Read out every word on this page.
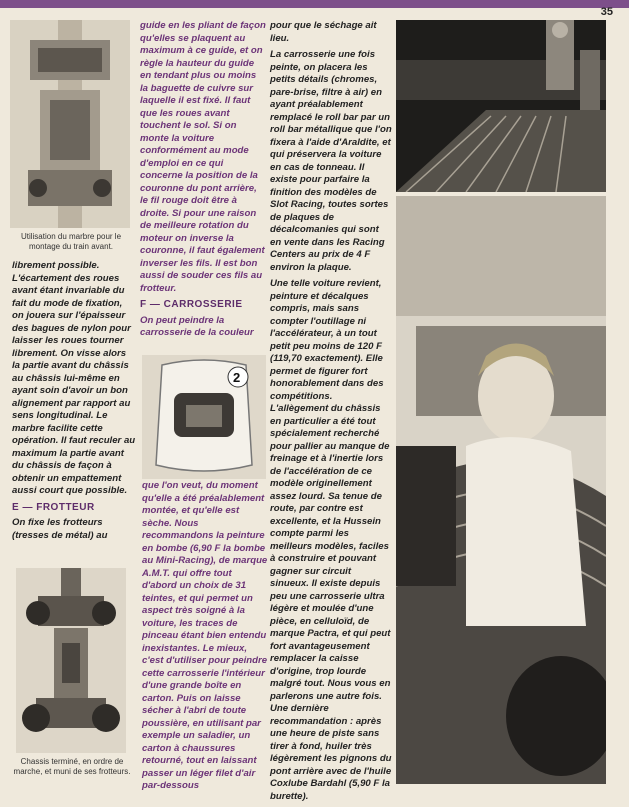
35
Utilisation du marbre pour le montage du train avant.

librement possible. L'écartement des roues avant étant invariable du fait du mode de fixation, on jouera sur l'épaisseur des bagues de nylon pour laisser les roues tourner librement. On visse alors la partie avant du châssis au châssis lui-même en ayant soin d'avoir un bon alignement par rapport au sens longitudinal. Le marbre facilite cette opération. Il faut reculer au maximum la partie avant du châssis de façon à obtenir un empattement aussi court que possible.

E — FROTTEUR

On fixe les frotteurs (tresses de métal) au

Chassis terminé, en ordre de marche, et muni de ses frotteurs.

guide en les pliant de façon qu'elles se plaquent au maximum à ce guide, et on règle la hauteur du guide en tendant plus ou moins la baguette de cuivre sur laquelle il est fixé. Il faut que les roues avant touchent le sol. Si on monte la voiture conformément au mode d'emploi en ce qui concerne la position de la couronne du pont arrière, le fil rouge doit être à droite. Si pour une raison de meilleure rotation du moteur on inverse la couronne, il faut également inverser les fils. Il est bon aussi de souder ces fils au frotteur.

F — CARROSSERIE

On peut peindre la carrosserie de la couleur

2

que l'on veut, du moment qu'elle a été préalablement montée, et qu'elle est sèche. Nous recommandons la peinture en bombe (6,90 F la bombe au Mini-Racing), de marque A.M.T. qui offre tout d'abord un choix de 31 teintes, et qui permet un aspect très soigné à la voiture, les traces de pinceau étant bien entendu inexistantes. Le mieux, c'est d'utiliser pour peindre cette carrosserie l'intérieur d'une grande boîte en carton. Puis on laisse sécher à l'abri de toute poussière, en utilisant par exemple un saladier, un carton à chaussures retourné, tout en laissant passer un léger filet d'air par-dessous

pour que le séchage ait lieu.

La carrosserie une fois peinte, on placera les petits détails (chromes, pare-brise, filtre à air) en ayant préalablement remplacé le roll bar par un roll bar métallique que l'on fixera à l'aide d'Araldite, et qui préservera la voiture en cas de tonneau. Il existe pour parfaire la finition des modèles de Slot Racing, toutes sortes de plaques de décalcomanies qui sont en vente dans les Racing Centers au prix de 4 F environ la plaque.

Une telle voiture revient, peinture et décalques compris, mais sans compter l'outillage ni l'accélérateur, à un tout petit peu moins de 120 F (119,70 exactement). Elle permet de figurer fort honorablement dans des compétitions. L'allègement du châssis en particulier a été tout spécialement recherché pour pallier au manque de freinage et à l'inertie lors de l'accélération de ce modèle originellement assez lourd. Sa tenue de route, par contre est excellente, et la Hussein compte parmi les meilleurs modèles, faciles à construire et pouvant gagner sur circuit sinueux. Il existe depuis peu une carrosserie ultra légère et moulée d'une pièce, en celluloïd, de marque Pactra, et qui peut fort avantageusement remplacer la caisse d'origine, trop lourde malgré tout. Nous vous en parlerons une autre fois. Une dernière recommandation : après une heure de piste sans tirer à fond, huiler très légèrement les pignons du pont arrière avec de l'huile Coxlube Bardahl (5,90 F la burette).
